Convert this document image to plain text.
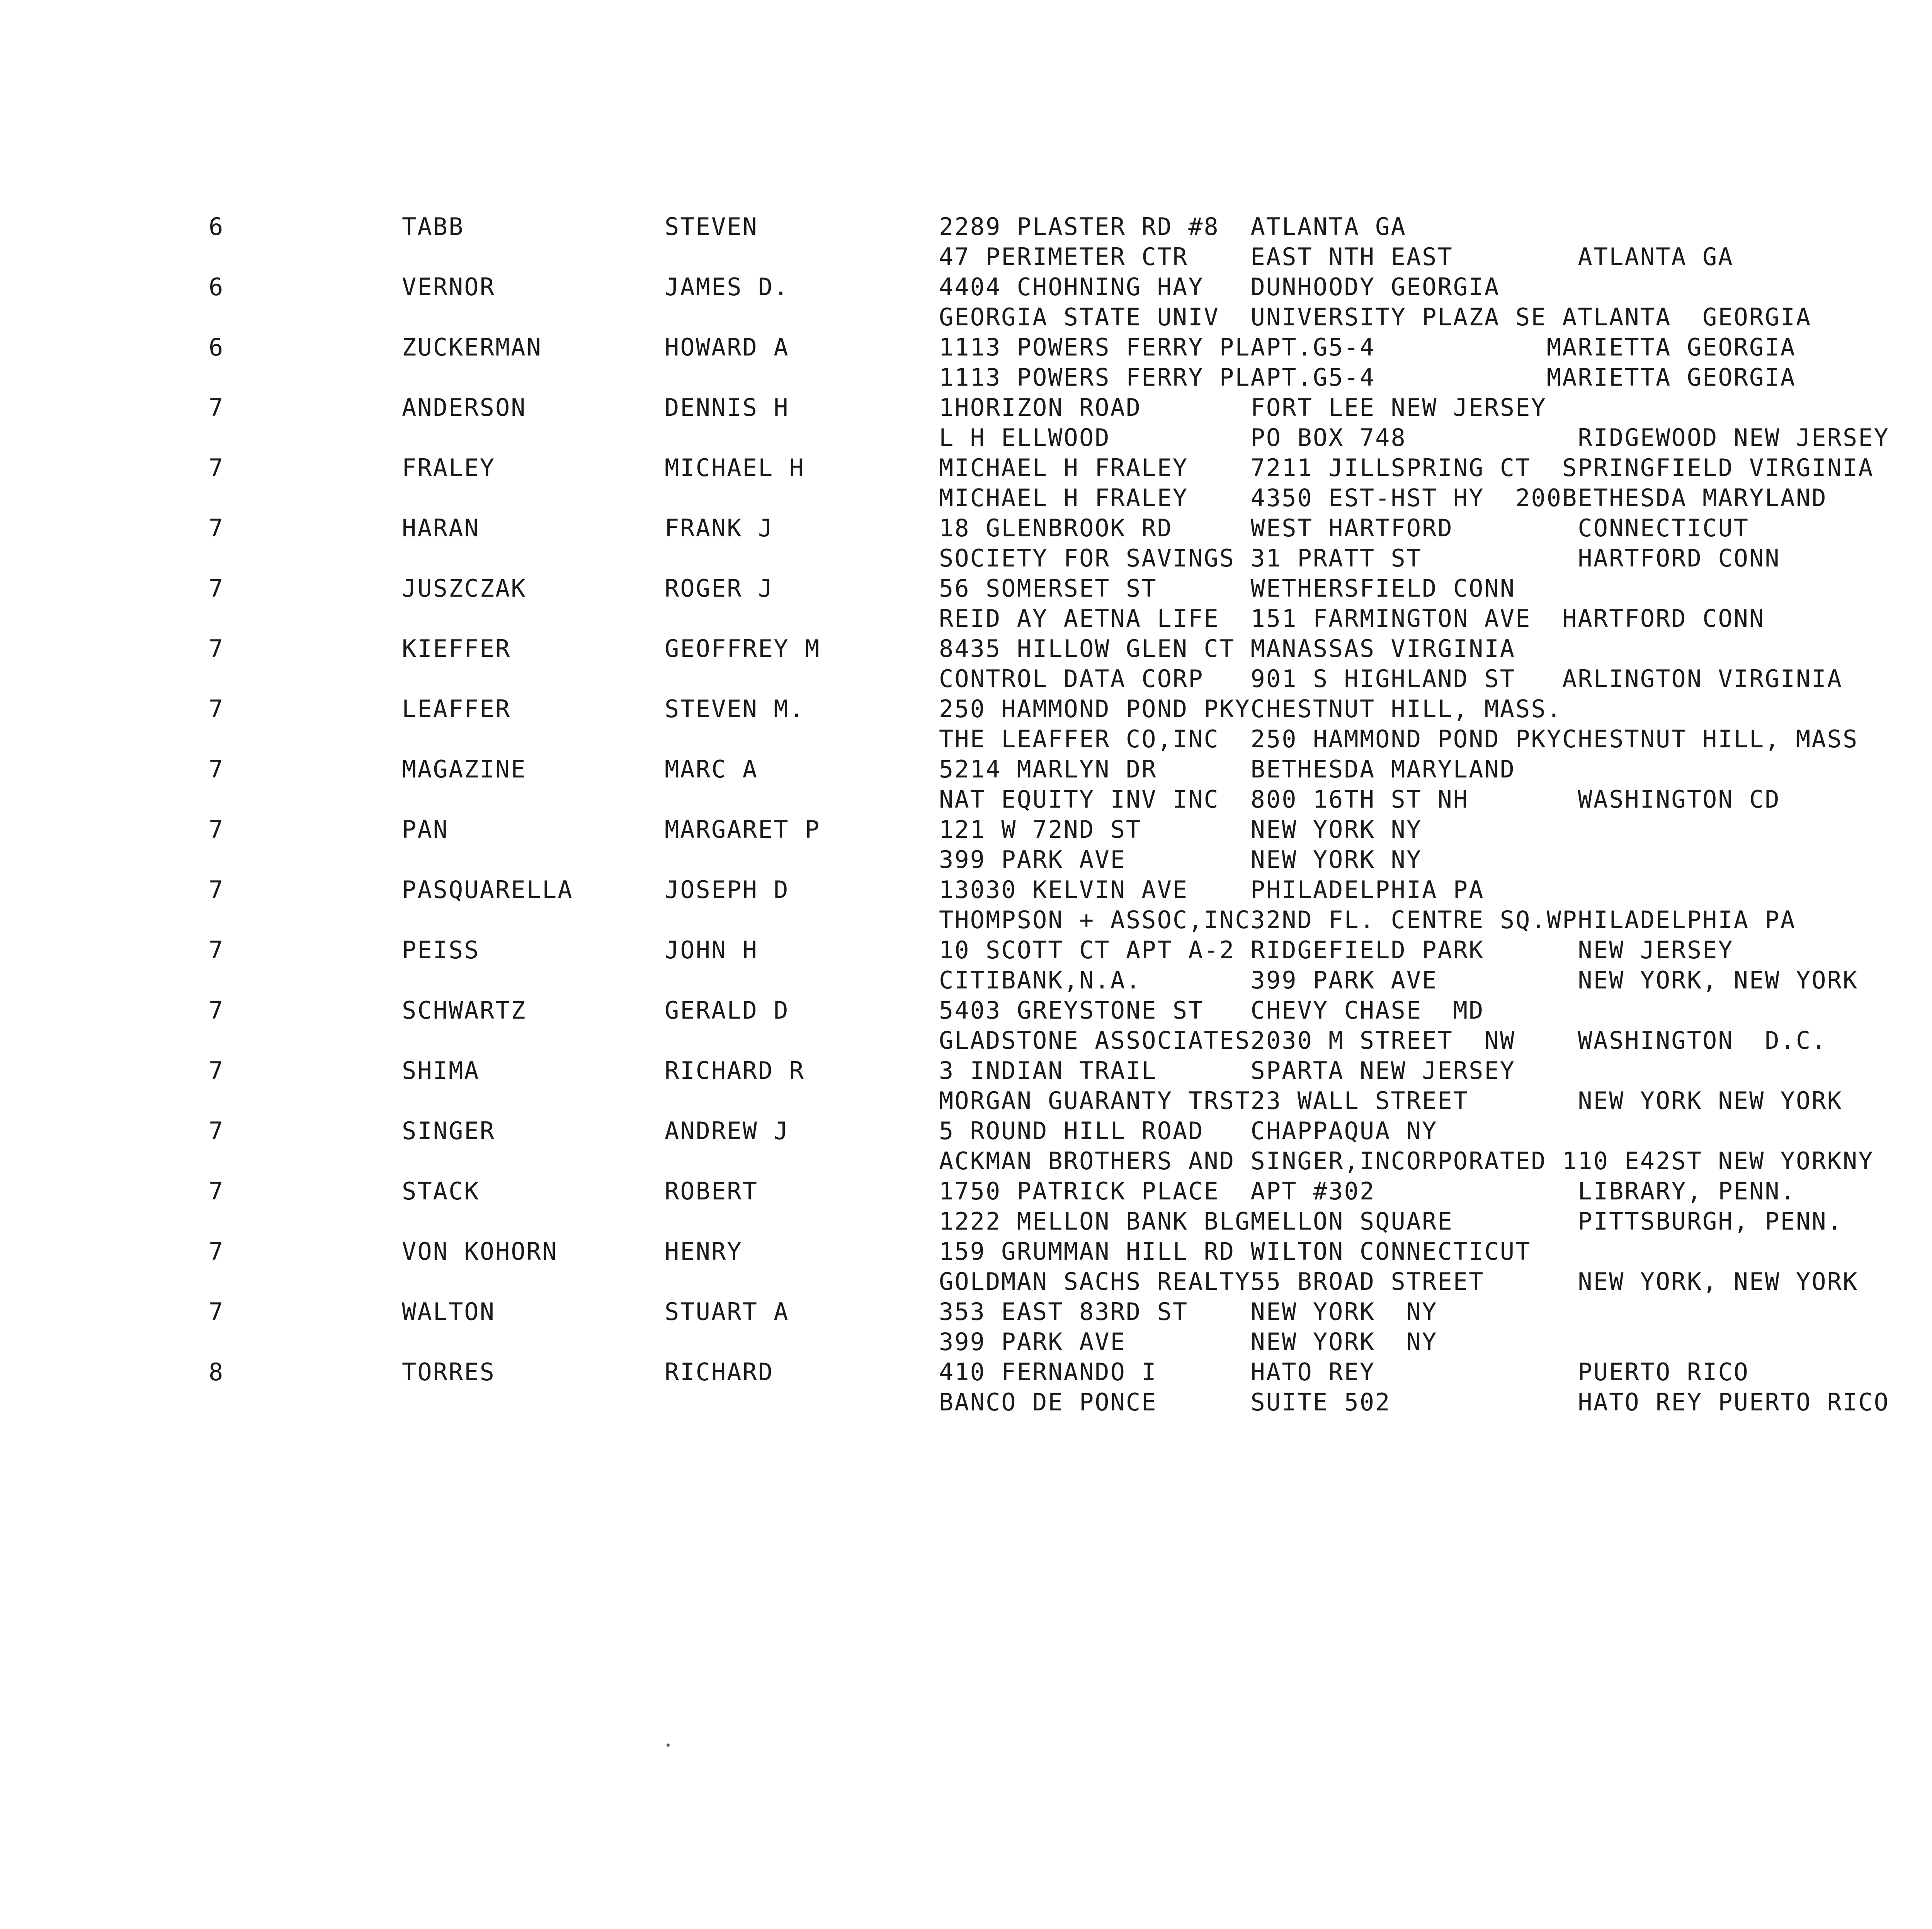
6	TABB	STEVEN	2289 PLASTER RD #8  ATLANTA GA
47 PERIMETER CTR    EAST NTH EAST        ATLANTA GA
6	VERNOR	JAMES D.	4404 CHOHNING HAY   DUNHOODY GEORGIA
GEORGIA STATE UNIV  UNIVERSITY PLAZA SE ATLANTA  GEORGIA
6	ZUCKERMAN	HOWARD A	1113 POWERS FERRY PLAPT.G5-4           MARIETTA GEORGIA
1113 POWERS FERRY PLAPT.G5-4           MARIETTA GEORGIA
7	ANDERSON	DENNIS H	1HORIZON ROAD       FORT LEE NEW JERSEY
L H ELLWOOD         PO BOX 748           RIDGEWOOD NEW JERSEY
7	FRALEY	MICHAEL H	MICHAEL H FRALEY    7211 JILLSPRING CT  SPRINGFIELD VIRGINIA
MICHAEL H FRALEY    4350 EST-HST HY  200BETHESDA MARYLAND
7	HARAN	FRANK J	18 GLENBROOK RD     WEST HARTFORD        CONNECTICUT
SOCIETY FOR SAVINGS 31 PRATT ST          HARTFORD CONN
7	JUSZCZAK	ROGER J	56 SOMERSET ST      WETHERSFIELD CONN
REID AY AETNA LIFE  151 FARMINGTON AVE  HARTFORD CONN
7	KIEFFER	GEOFFREY M	8435 HILLOW GLEN CT MANASSAS VIRGINIA
CONTROL DATA CORP   901 S HIGHLAND ST   ARLINGTON VIRGINIA
7	LEAFFER	STEVEN M.	250 HAMMOND POND PKYCHESTNUT HILL, MASS.
THE LEAFFER CO,INC  250 HAMMOND POND PKYCHESTNUT HILL, MASS
7	MAGAZINE	MARC A	5214 MARLYN DR      BETHESDA MARYLAND
NAT EQUITY INV INC  800 16TH ST NH       WASHINGTON CD
7	PAN	MARGARET P	121 W 72ND ST       NEW YORK NY
399 PARK AVE        NEW YORK NY
7	PASQUARELLA	JOSEPH D	13030 KELVIN AVE    PHILADELPHIA PA
THOMPSON + ASSOC,INC32ND FL. CENTRE SQ.WPHILADELPHIA PA
7	PEISS	JOHN H	10 SCOTT CT APT A-2 RIDGEFIELD PARK      NEW JERSEY
CITIBANK,N.A.       399 PARK AVE         NEW YORK, NEW YORK
7	SCHWARTZ	GERALD D	5403 GREYSTONE ST   CHEVY CHASE  MD
GLADSTONE ASSOCIATES2030 M STREET  NW    WASHINGTON  D.C.
7	SHIMA	RICHARD R	3 INDIAN TRAIL      SPARTA NEW JERSEY
MORGAN GUARANTY TRST23 WALL STREET       NEW YORK NEW YORK
7	SINGER	ANDREW J	5 ROUND HILL ROAD   CHAPPAQUA NY
ACKMAN BROTHERS AND SINGER,INCORPORATED 110 E42ST NEW YORKNY
7	STACK	ROBERT	1750 PATRICK PLACE  APT #302             LIBRARY, PENN.
1222 MELLON BANK BLGMELLON SQUARE        PITTSBURGH, PENN.
7	VON KOHORN	HENRY	159 GRUMMAN HILL RD WILTON CONNECTICUT
GOLDMAN SACHS REALTY55 BROAD STREET      NEW YORK, NEW YORK
7	WALTON	STUART A	353 EAST 83RD ST    NEW YORK  NY
399 PARK AVE        NEW YORK  NY
8	TORRES	RICHARD	410 FERNANDO I      HATO REY             PUERTO RICO
BANCO DE PONCE      SUITE 502            HATO REY PUERTO RICO
